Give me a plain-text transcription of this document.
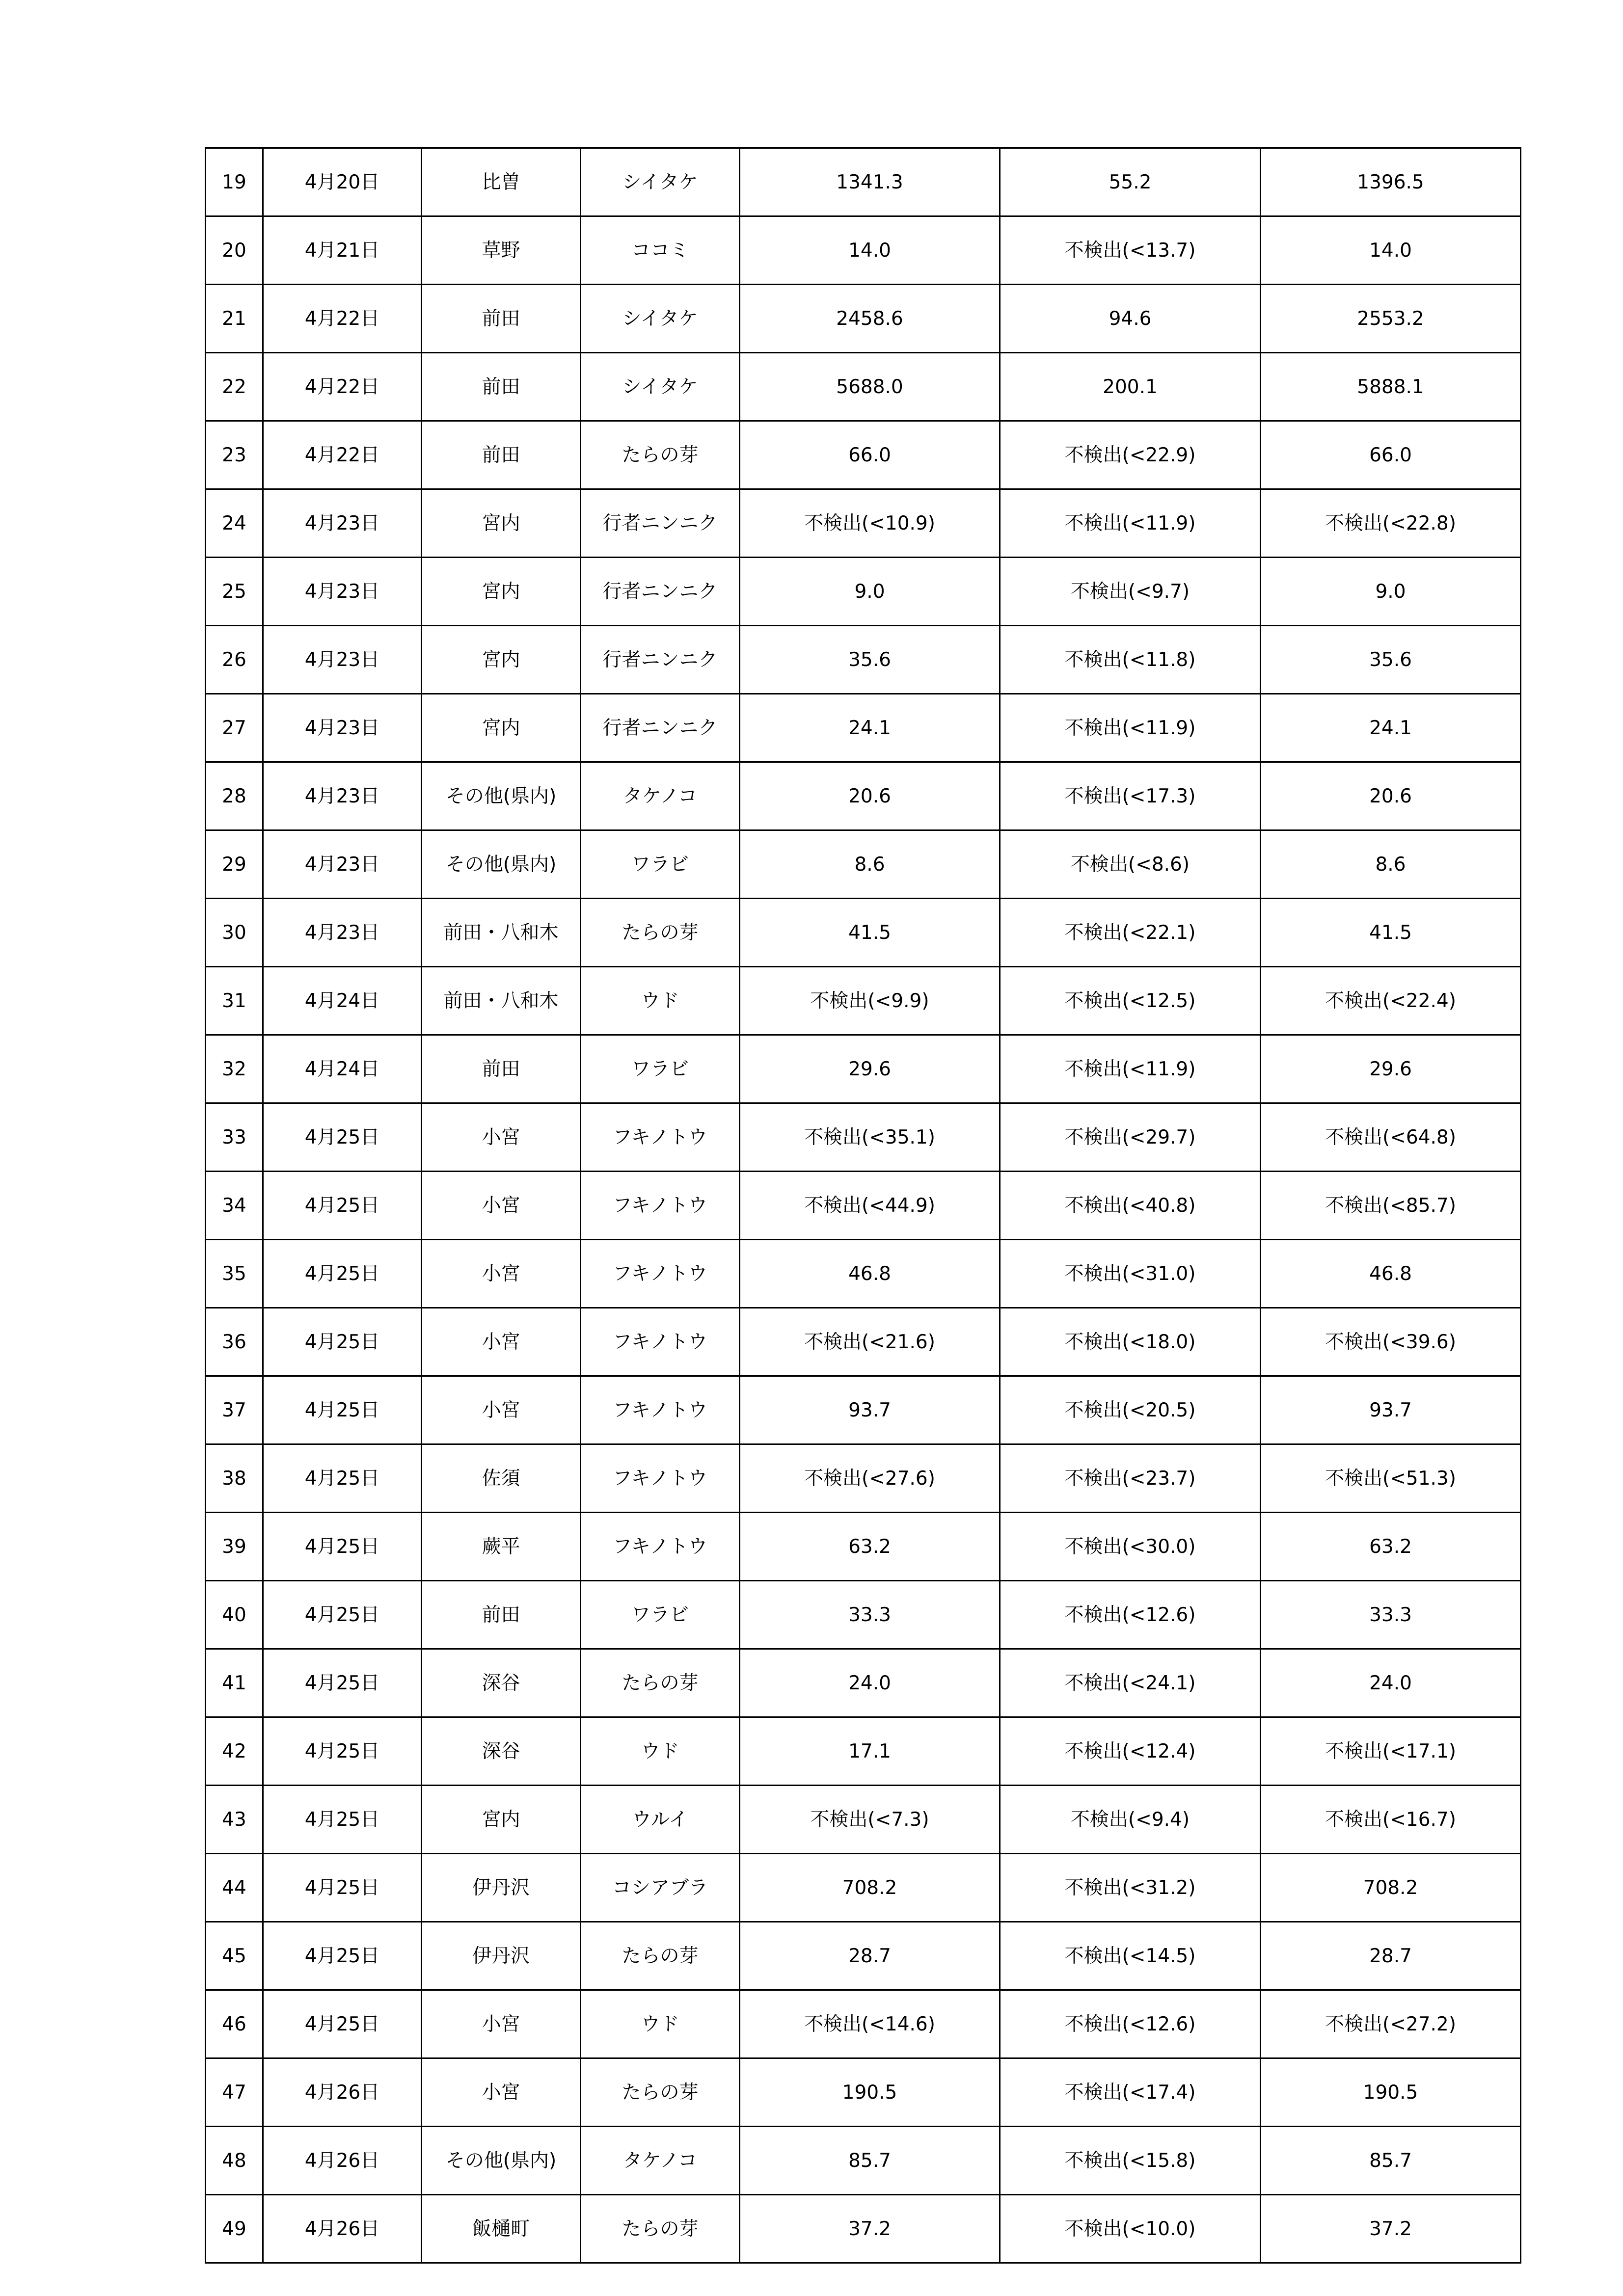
19	4月20日	比曽	シイタケ	1341.3	55.2	1396.5
20	4月21日	草野	ココミ	14.0	不検出(<13.7)	14.0
21	4月22日	前田	シイタケ	2458.6	94.6	2553.2
22	4月22日	前田	シイタケ	5688.0	200.1	5888.1
23	4月22日	前田	たらの芽	66.0	不検出(<22.9)	66.0
24	4月23日	宮内	行者ニンニク	不検出(<10.9)	不検出(<11.9)	不検出(<22.8)
25	4月23日	宮内	行者ニンニク	9.0	不検出(<9.7)	9.0
26	4月23日	宮内	行者ニンニク	35.6	不検出(<11.8)	35.6
27	4月23日	宮内	行者ニンニク	24.1	不検出(<11.9)	24.1
28	4月23日	その他(県内)	タケノコ	20.6	不検出(<17.3)	20.6
29	4月23日	その他(県内)	ワラビ	8.6	不検出(<8.6)	8.6
30	4月23日	前田・八和木	たらの芽	41.5	不検出(<22.1)	41.5
31	4月24日	前田・八和木	ウド	不検出(<9.9)	不検出(<12.5)	不検出(<22.4)
32	4月24日	前田	ワラビ	29.6	不検出(<11.9)	29.6
33	4月25日	小宮	フキノトウ	不検出(<35.1)	不検出(<29.7)	不検出(<64.8)
34	4月25日	小宮	フキノトウ	不検出(<44.9)	不検出(<40.8)	不検出(<85.7)
35	4月25日	小宮	フキノトウ	46.8	不検出(<31.0)	46.8
36	4月25日	小宮	フキノトウ	不検出(<21.6)	不検出(<18.0)	不検出(<39.6)
37	4月25日	小宮	フキノトウ	93.7	不検出(<20.5)	93.7
38	4月25日	佐須	フキノトウ	不検出(<27.6)	不検出(<23.7)	不検出(<51.3)
39	4月25日	蕨平	フキノトウ	63.2	不検出(<30.0)	63.2
40	4月25日	前田	ワラビ	33.3	不検出(<12.6)	33.3
41	4月25日	深谷	たらの芽	24.0	不検出(<24.1)	24.0
42	4月25日	深谷	ウド	17.1	不検出(<12.4)	不検出(<17.1)
43	4月25日	宮内	ウルイ	不検出(<7.3)	不検出(<9.4)	不検出(<16.7)
44	4月25日	伊丹沢	コシアブラ	708.2	不検出(<31.2)	708.2
45	4月25日	伊丹沢	たらの芽	28.7	不検出(<14.5)	28.7
46	4月25日	小宮	ウド	不検出(<14.6)	不検出(<12.6)	不検出(<27.2)
47	4月26日	小宮	たらの芽	190.5	不検出(<17.4)	190.5
48	4月26日	その他(県内)	タケノコ	85.7	不検出(<15.8)	85.7
49	4月26日	飯樋町	たらの芽	37.2	不検出(<10.0)	37.2
